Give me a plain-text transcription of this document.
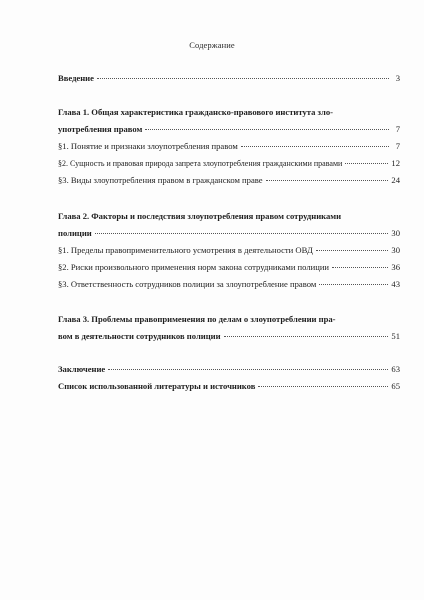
Содержание
Введение	3
Глава 1. Общая характеристика гражданско-правового института зло-
употребления правом	7
§1. Понятие и признаки злоупотребления правом	7
§2. Сущность и правовая природа запрета злоупотребления гражданскими правами	12
§3. Виды злоупотребления правом в гражданском праве	24
Глава 2. Факторы и последствия злоупотребления правом сотрудниками
полиции	30
§1. Пределы правоприменительного усмотрения в деятельности ОВД	30
§2. Риски произвольного применения норм закона сотрудниками полиции	36
§3. Ответственность сотрудников полиции за злоупотребление правом	43
Глава 3. Проблемы правоприменения по делам о злоупотреблении пра-
вом в деятельности сотрудников полиции	51
Заключение	63
Список использованной литературы и источников	65
